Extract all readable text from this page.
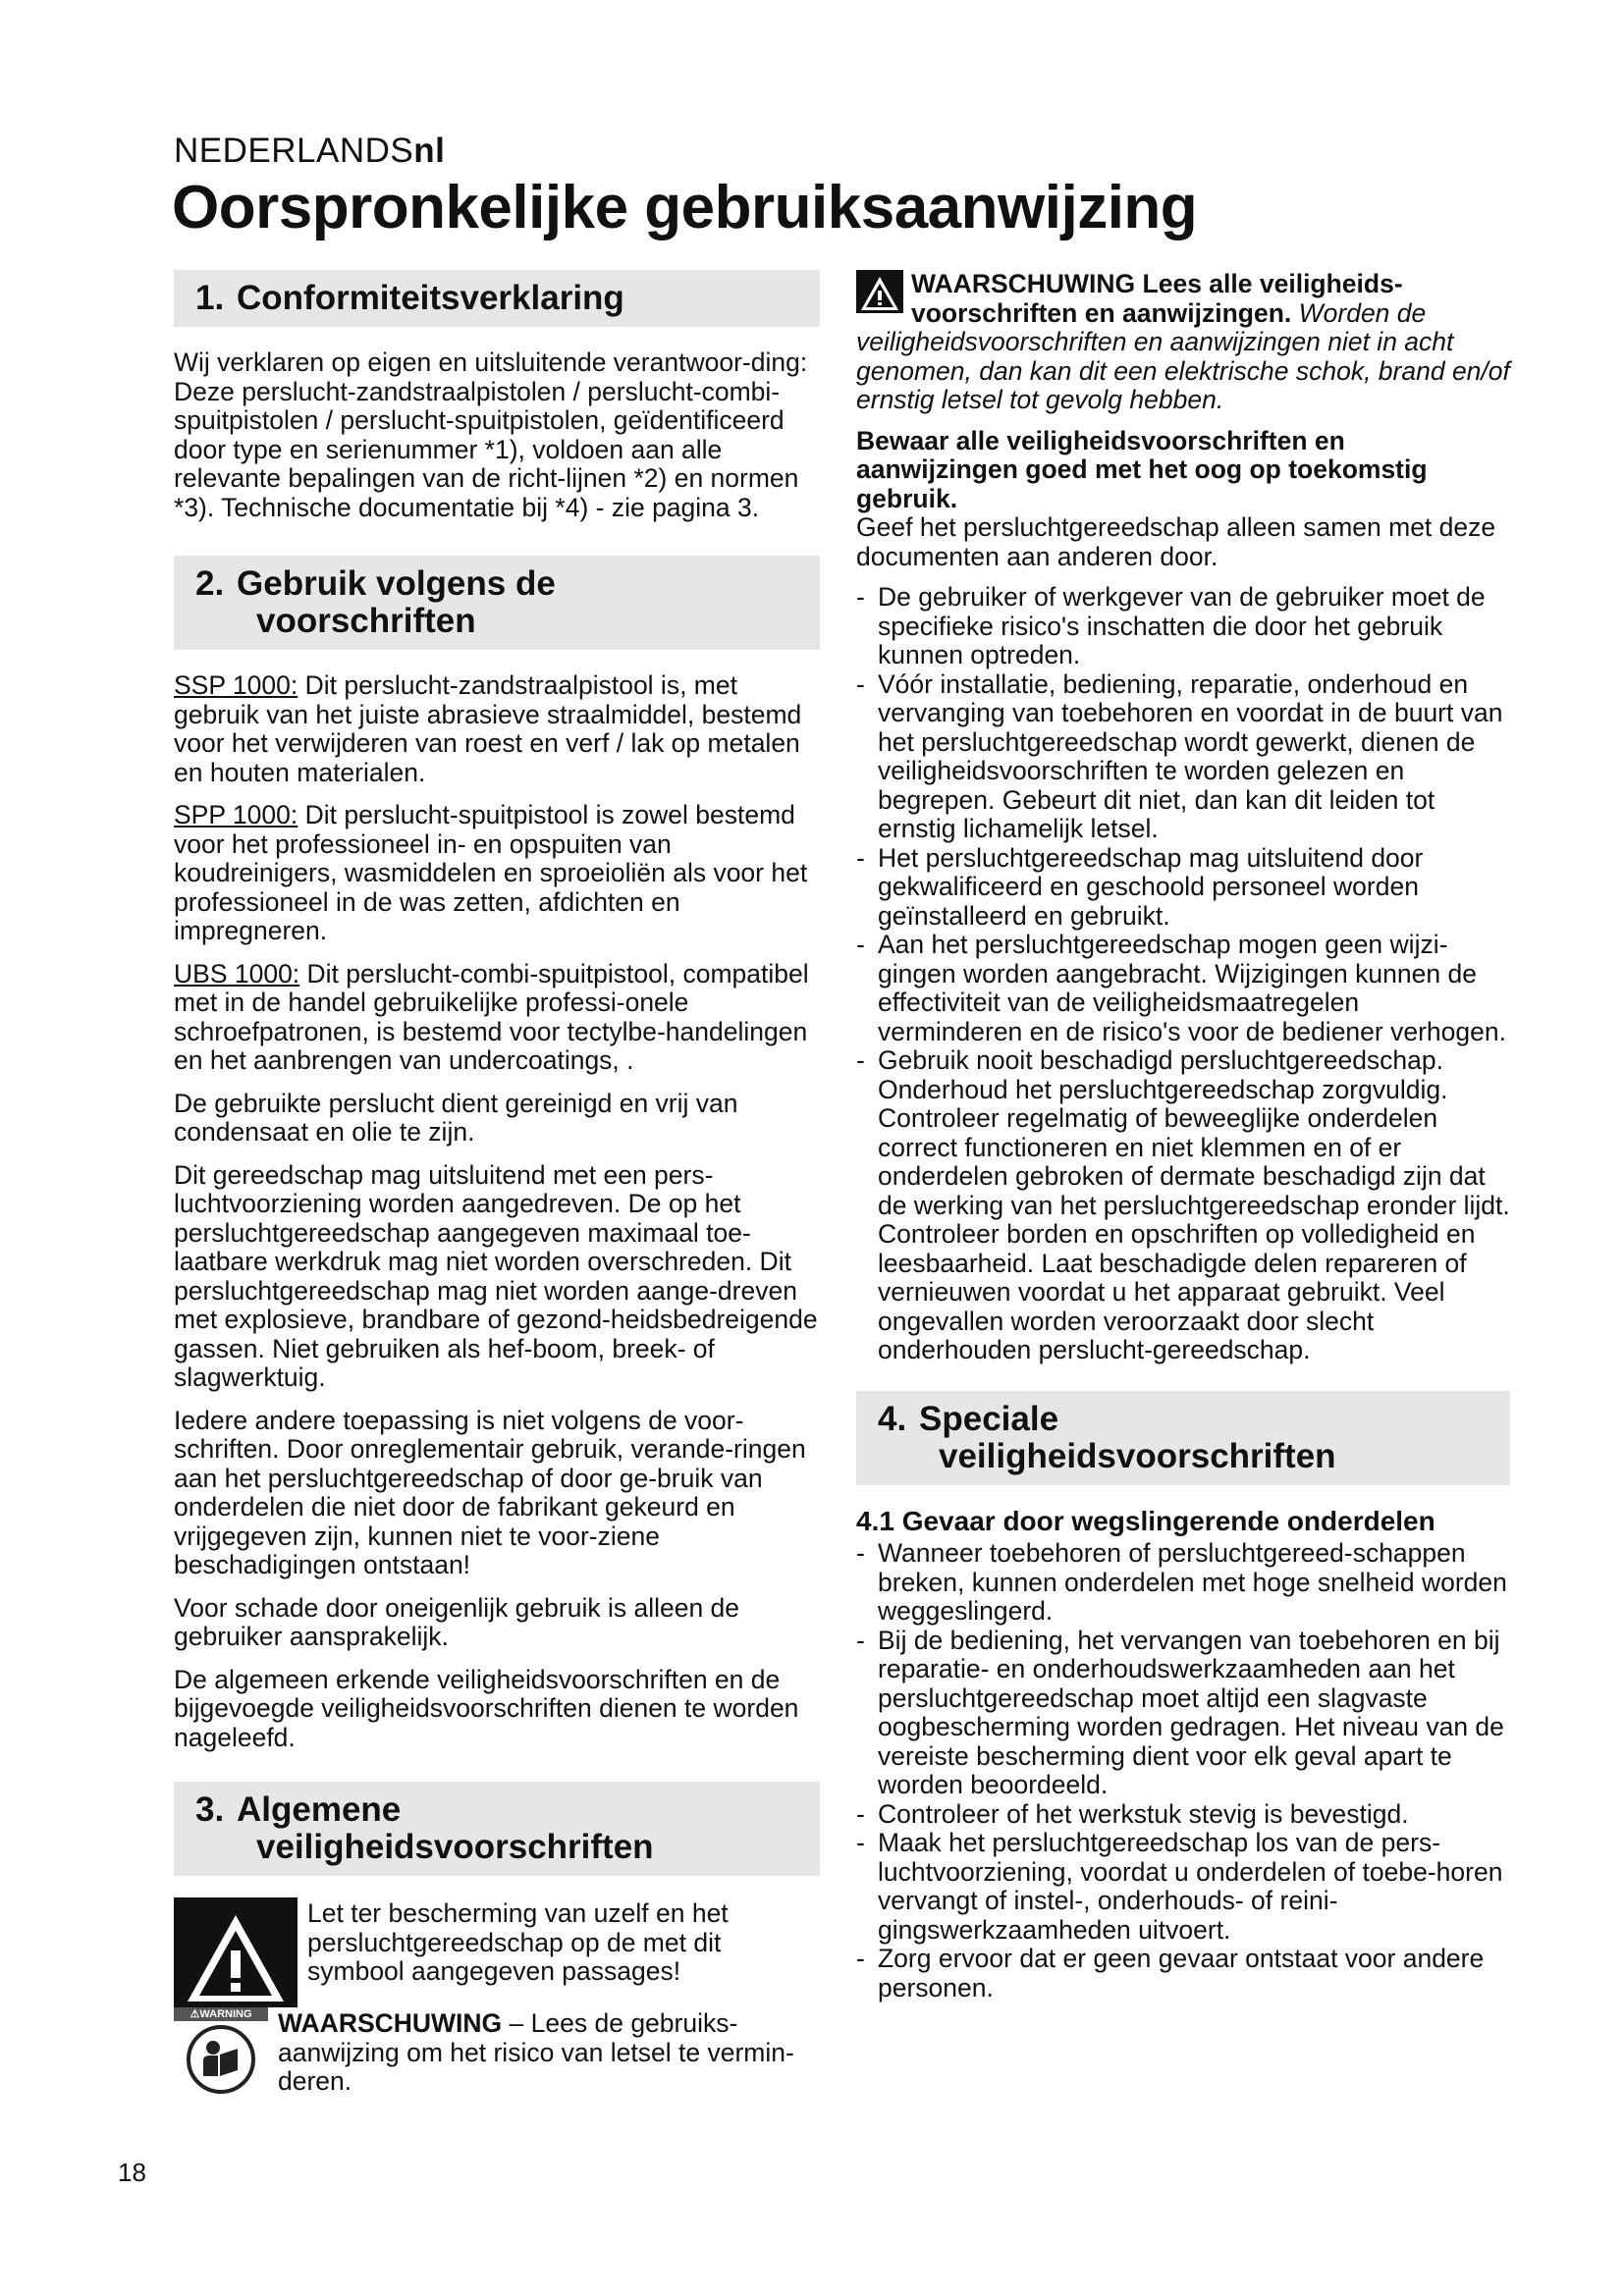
NEDERLANDSnl
Oorspronkelijke gebruiksaanwijzing
1. Conformiteitsverklaring

Wij verklaren op eigen en uitsluitende verantwoor-ding: Deze perslucht-zandstraalpistolen / perslucht-combi-spuitpistolen / perslucht-spuitpistolen, geïdentificeerd door type en serienummer *1), voldoen aan alle relevante bepalingen van de richt-lijnen *2) en normen *3). Technische documentatie bij *4) - zie pagina 3.

2. Gebruik volgens de
voorschriften

SSP 1000: Dit perslucht-zandstraalpistool is, met gebruik van het juiste abrasieve straalmiddel, bestemd voor het verwijderen van roest en verf / lak op metalen en houten materialen.

SPP 1000: Dit perslucht-spuitpistool is zowel bestemd voor het professioneel in- en opspuiten van koudreinigers, wasmiddelen en sproeioliën als voor het professioneel in de was zetten, afdichten en impregneren.

UBS 1000: Dit perslucht-combi-spuitpistool, compatibel met in de handel gebruikelijke professi-onele schroefpatronen, is bestemd voor tectylbe-handelingen en het aanbrengen van undercoatings, .

De gebruikte perslucht dient gereinigd en vrij van condensaat en olie te zijn.

Dit gereedschap mag uitsluitend met een pers-luchtvoorziening worden aangedreven. De op het persluchtgereedschap aangegeven maximaal toe-laatbare werkdruk mag niet worden overschreden. Dit persluchtgereedschap mag niet worden aange-dreven met explosieve, brandbare of gezond-heidsbedreigende gassen. Niet gebruiken als hef-boom, breek- of slagwerktuig.

Iedere andere toepassing is niet volgens de voor-schriften. Door onreglementair gebruik, verande-ringen aan het persluchtgereedschap of door ge-bruik van onderdelen die niet door de fabrikant gekeurd en vrijgegeven zijn, kunnen niet te voor-ziene beschadigingen ontstaan!

Voor schade door oneigenlijk gebruik is alleen de gebruiker aansprakelijk.

De algemeen erkende veiligheidsvoorschriften en de bijgevoegde veiligheidsvoorschriften dienen te worden nageleefd.

3. Algemene
veiligheidsvoorschriften

Let ter bescherming van uzelf en het persluchtgereedschap op de met dit symbool aangegeven passages!

⚠WARNING WAARSCHUWING – Lees de gebruiks-aanwijzing om het risico van letsel te vermin-deren.

WAARSCHUWING Lees alle veiligheids-voorschriften en aanwijzingen. Worden de veiligheidsvoorschriften en aanwijzingen niet in acht genomen, dan kan dit een elektrische schok, brand en/of ernstig letsel tot gevolg hebben.

Bewaar alle veiligheidsvoorschriften en aanwijzingen goed met het oog op toekomstig gebruik.
Geef het persluchtgereedschap alleen samen met deze documenten aan anderen door.

- De gebruiker of werkgever van de gebruiker moet de specifieke risico's inschatten die door het gebruik kunnen optreden.
- Vóór installatie, bediening, reparatie, onderhoud en vervanging van toebehoren en voordat in de buurt van het persluchtgereedschap wordt gewerkt, dienen de veiligheidsvoorschriften te worden gelezen en begrepen. Gebeurt dit niet, dan kan dit leiden tot ernstig lichamelijk letsel.
- Het persluchtgereedschap mag uitsluitend door gekwalificeerd en geschoold personeel worden geïnstalleerd en gebruikt.
- Aan het persluchtgereedschap mogen geen wijzi-gingen worden aangebracht. Wijzigingen kunnen de effectiviteit van de veiligheidsmaatregelen verminderen en de risico's voor de bediener verhogen.
- Gebruik nooit beschadigd persluchtgereedschap. Onderhoud het persluchtgereedschap zorgvuldig. Controleer regelmatig of beweeglijke onderdelen correct functioneren en niet klemmen en of er onderdelen gebroken of dermate beschadigd zijn dat de werking van het persluchtgereedschap eronder lijdt. Controleer borden en opschriften op volledigheid en leesbaarheid. Laat beschadigde delen repareren of vernieuwen voordat u het apparaat gebruikt. Veel ongevallen worden veroorzaakt door slecht onderhouden perslucht-gereedschap.
4. Speciale
veiligheidsvoorschriften
4.1 Gevaar door wegslingerende onderdelen
- Wanneer toebehoren of persluchtgereed-schappen breken, kunnen onderdelen met hoge snelheid worden weggeslingerd.
- Bij de bediening, het vervangen van toebehoren en bij reparatie- en onderhoudswerkzaamheden aan het persluchtgereedschap moet altijd een slagvaste oogbescherming worden gedragen. Het niveau van de vereiste bescherming dient voor elk geval apart te worden beoordeeld.
- Controleer of het werkstuk stevig is bevestigd.
- Maak het persluchtgereedschap los van de pers-luchtvoorziening, voordat u onderdelen of toebe-horen vervangt of instel-, onderhouds- of reini-gingswerkzaamheden uitvoert.
- Zorg ervoor dat er geen gevaar ontstaat voor andere personen.
18
